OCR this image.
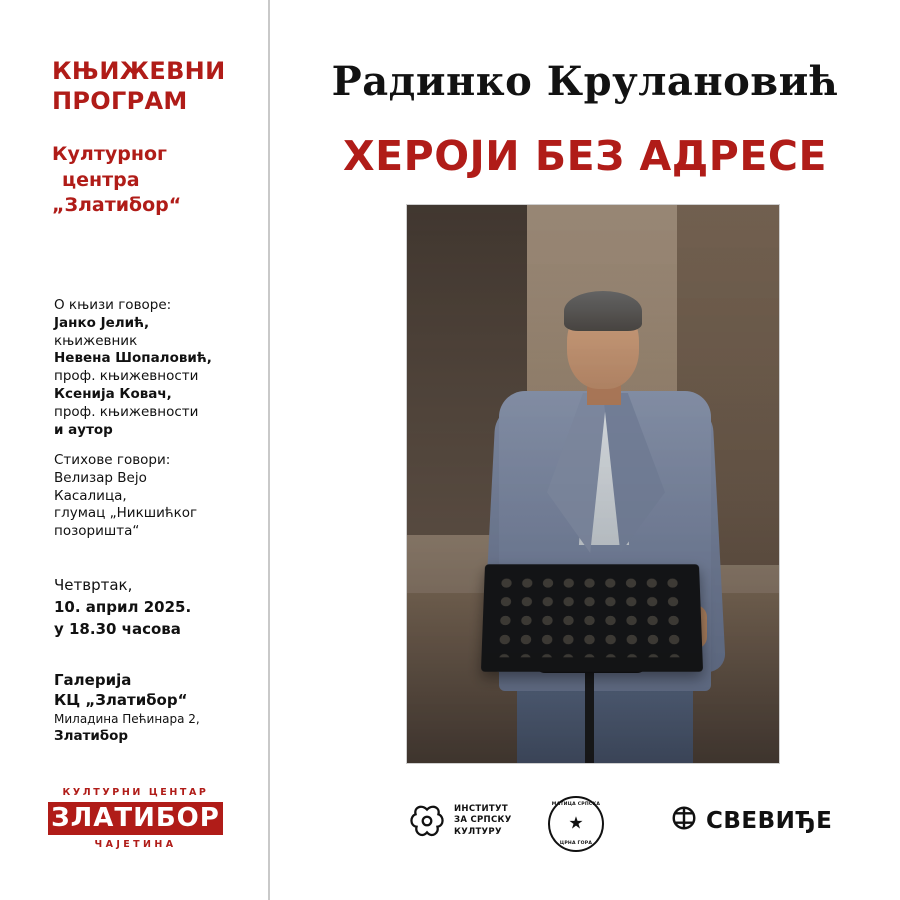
КЊИЖЕВНИ
ПРОГРАМ
Културног
центра
„Златибор“
О књизи говоре:
Јанко Јелић,
књижевник
Невена Шопаловић,
проф. књижевности
Ксенија Ковач,
проф. књижевности
и аутор
Стихове говори:
Велизар Вејо
Касалица,
глумац „Никшићког
позоришта“
Четвртак,
10. април 2025.
у 18.30 часова
Галерија
КЦ „Златибор“
Миладина Пећинара 2,
Златибор
КУЛТУРНИ ЦЕНТАР
ЗЛАТИБОР
ЧАЈЕТИНА
Радинко Крулановић
ХЕРОЈИ БЕЗ АДРЕСЕ
ИНСТИТУТ
ЗА СРПСКУ
КУЛТУРУ
МАТИЦА СРПСКА
★
ЦРНА ГОРА
СВЕВИЂЕ
